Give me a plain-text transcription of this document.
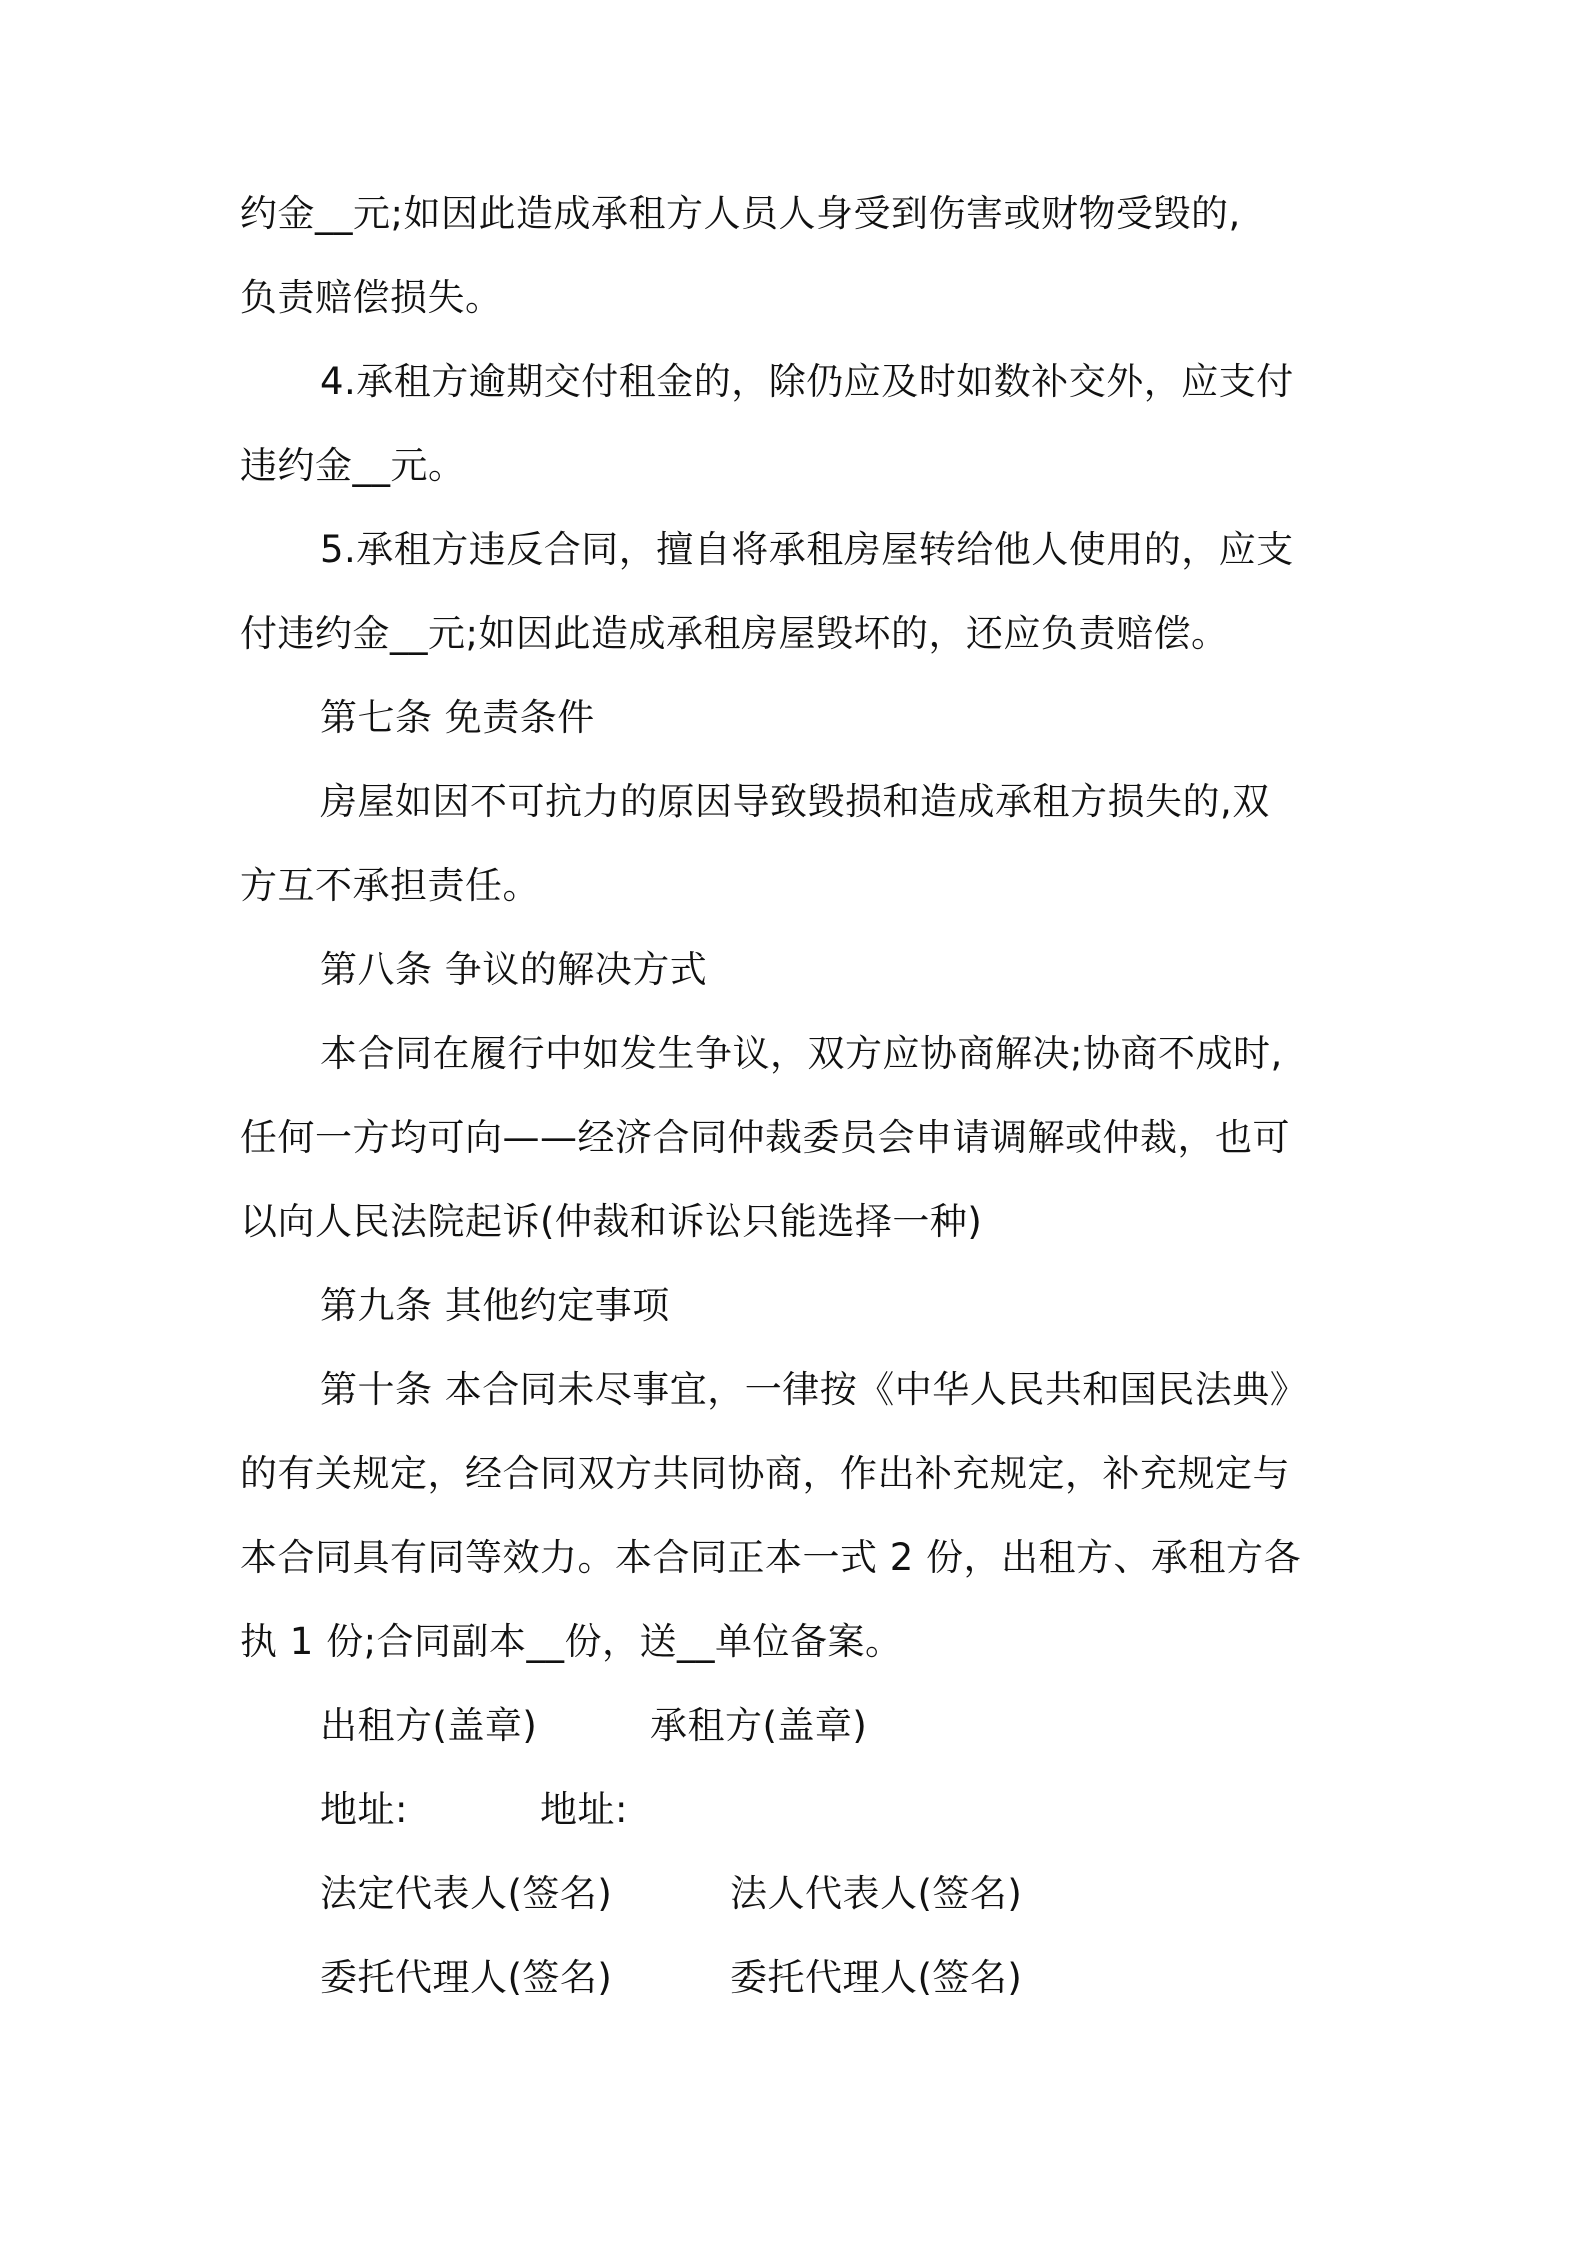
约金__元;如因此造成承租方人员人身受到伤害或财物受毁的,
负责赔偿损失。
4.承租方逾期交付租金的，除仍应及时如数补交外，应支付
违约金__元。
5.承租方违反合同，擅自将承租房屋转给他人使用的，应支
付违约金__元;如因此造成承租房屋毁坏的，还应负责赔偿。
第七条 免责条件
房屋如因不可抗力的原因导致毁损和造成承租方损失的,双
方互不承担责任。
第八条 争议的解决方式
本合同在履行中如发生争议，双方应协商解决;协商不成时,
任何一方均可向——经济合同仲裁委员会申请调解或仲裁，也可
以向人民法院起诉(仲裁和诉讼只能选择一种)
第九条 其他约定事项
第十条 本合同未尽事宜，一律按《中华人民共和国民法典》
的有关规定，经合同双方共同协商，作出补充规定，补充规定与
本合同具有同等效力。本合同正本一式 2 份，出租方、承租方各
执 1 份;合同副本__份，送__单位备案。
出租方(盖章)	承租方(盖章)
地址:	地址:
法定代表人(签名)	法人代表人(签名)
委托代理人(签名)	委托代理人(签名)
